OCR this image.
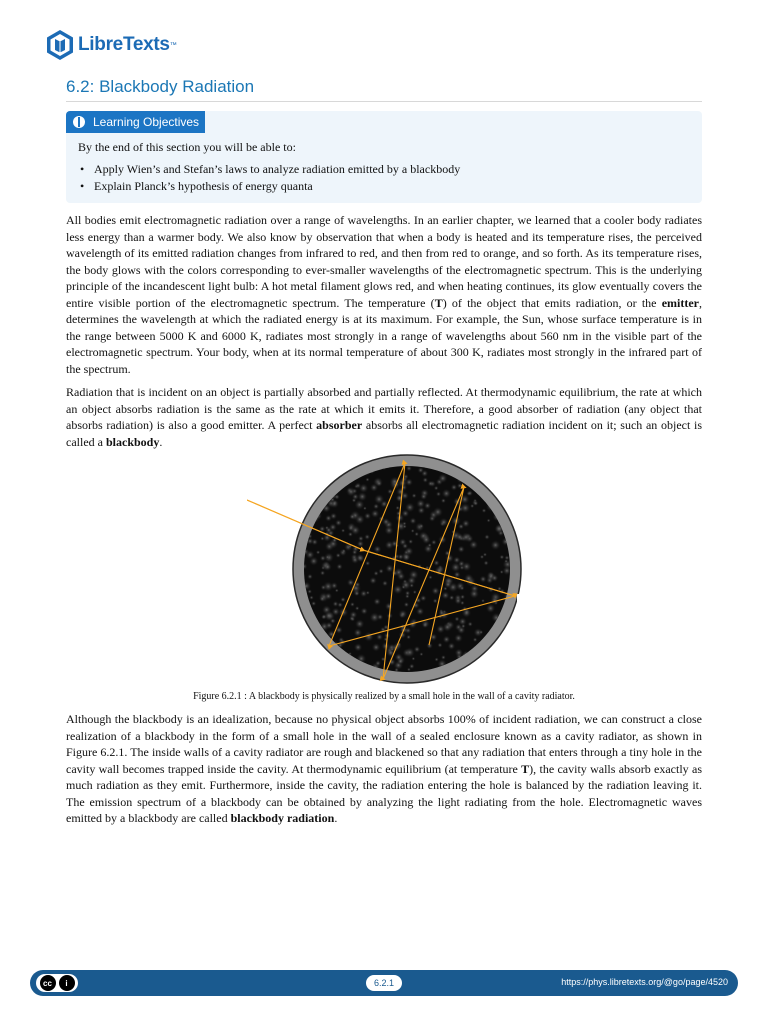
LibreTexts ™
6.2: Blackbody Radiation
Learning Objectives
By the end of this section you will be able to:
• Apply Wien’s and Stefan’s laws to analyze radiation emitted by a blackbody
• Explain Planck’s hypothesis of energy quanta

All bodies emit electromagnetic radiation over a range of wavelengths. In an earlier chapter, we learned that a cooler body radiates less energy than a warmer body. We also know by observation that when a body is heated and its temperature rises, the perceived wavelength of its emitted radiation changes from infrared to red, and then from red to orange, and so forth. As its temperature rises, the body glows with the colors corresponding to ever-smaller wavelengths of the electromagnetic spectrum. This is the underlying principle of the incandescent light bulb: A hot metal filament glows red, and when heating continues, its glow eventually covers the entire visible portion of the electromagnetic spectrum. The temperature (T) of the object that emits radiation, or the emitter, determines the wavelength at which the radiated energy is at its maximum. For example, the Sun, whose surface temperature is in the range between 5000 K and 6000 K, radiates most strongly in a range of wavelengths about 560 nm in the visible part of the electromagnetic spectrum. Your body, when at its normal temperature of about 300 K, radiates most strongly in the infrared part of the spectrum.

Radiation that is incident on an object is partially absorbed and partially reflected. At thermodynamic equilibrium, the rate at which an object absorbs radiation is the same as the rate at which it emits it. Therefore, a good absorber of radiation (any object that absorbs radiation) is also a good emitter. A perfect absorber absorbs all electromagnetic radiation incident on it; such an object is called a blackbody.

Figure 6.2.1 : A blackbody is physically realized by a small hole in the wall of a cavity radiator.

Although the blackbody is an idealization, because no physical object absorbs 100% of incident radiation, we can construct a close realization of a blackbody in the form of a small hole in the wall of a sealed enclosure known as a cavity radiator, as shown in Figure 6.2.1. The inside walls of a cavity radiator are rough and blackened so that any radiation that enters through a tiny hole in the cavity wall becomes trapped inside the cavity. At thermodynamic equilibrium (at temperature T), the cavity walls absorb exactly as much radiation as they emit. Furthermore, inside the cavity, the radiation entering the hole is balanced by the radiation leaving it. The emission spectrum of a blackbody can be obtained by analyzing the light radiating from the hole. Electromagnetic waves emitted by a blackbody are called blackbody radiation.

cc	i	6.2.1	https://phys.libretexts.org/@go/page/4520
